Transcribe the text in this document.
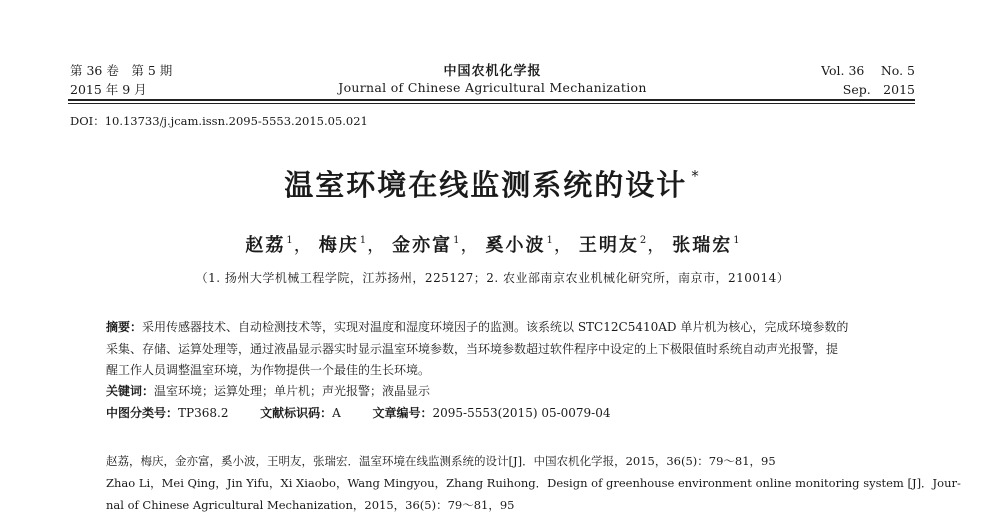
第 36 卷　第 5 期
2015 年 9 月
中国农机化学报
Journal of Chinese Agricultural Mechanization
Vol. 36　 No. 5
Sep.　2015
DOI：10.13733/j.jcam.issn.2095-5553.2015.05.021
温室环境在线监测系统的设计 *
赵荔$^1$， 梅庆$^1$， 金亦富$^1$， 奚小波$^1$， 王明友$^2$， 张瑞宏$^1$
（1. 扬州大学机械工程学院，江苏扬州，225127；2. 农业部南京农业机械化研究所，南京市，210014）
摘要：采用传感器技术、自动检测技术等，实现对温度和湿度环境因子的监测。该系统以 STC12C5410AD 单片机为核心，完成环境参数的
采集、存储、运算处理等，通过液晶显示器实时显示温室环境参数，当环境参数超过软件程序中设定的上下极限值时系统自动声光报警，提
醒工作人员调整温室环境，为作物提供一个最佳的生长环境。
关键词：温室环境；运算处理；单片机；声光报警；液晶显示
中图分类号：TP368.2	文献标识码：A	文章编号：2095-5553(2015) 05-0079-04
赵荔，梅庆，金亦富，奚小波，王明友，张瑞宏．温室环境在线监测系统的设计[J]．中国农机化学报，2015，36(5)：79～81，95
Zhao Li，Mei Qing，Jin Yifu，Xi Xiaobo，Wang Mingyou，Zhang Ruihong．Design of greenhouse environment online monitoring system [J]．Jour-
nal of Chinese Agricultural Mechanization，2015，36(5)：79～81，95
